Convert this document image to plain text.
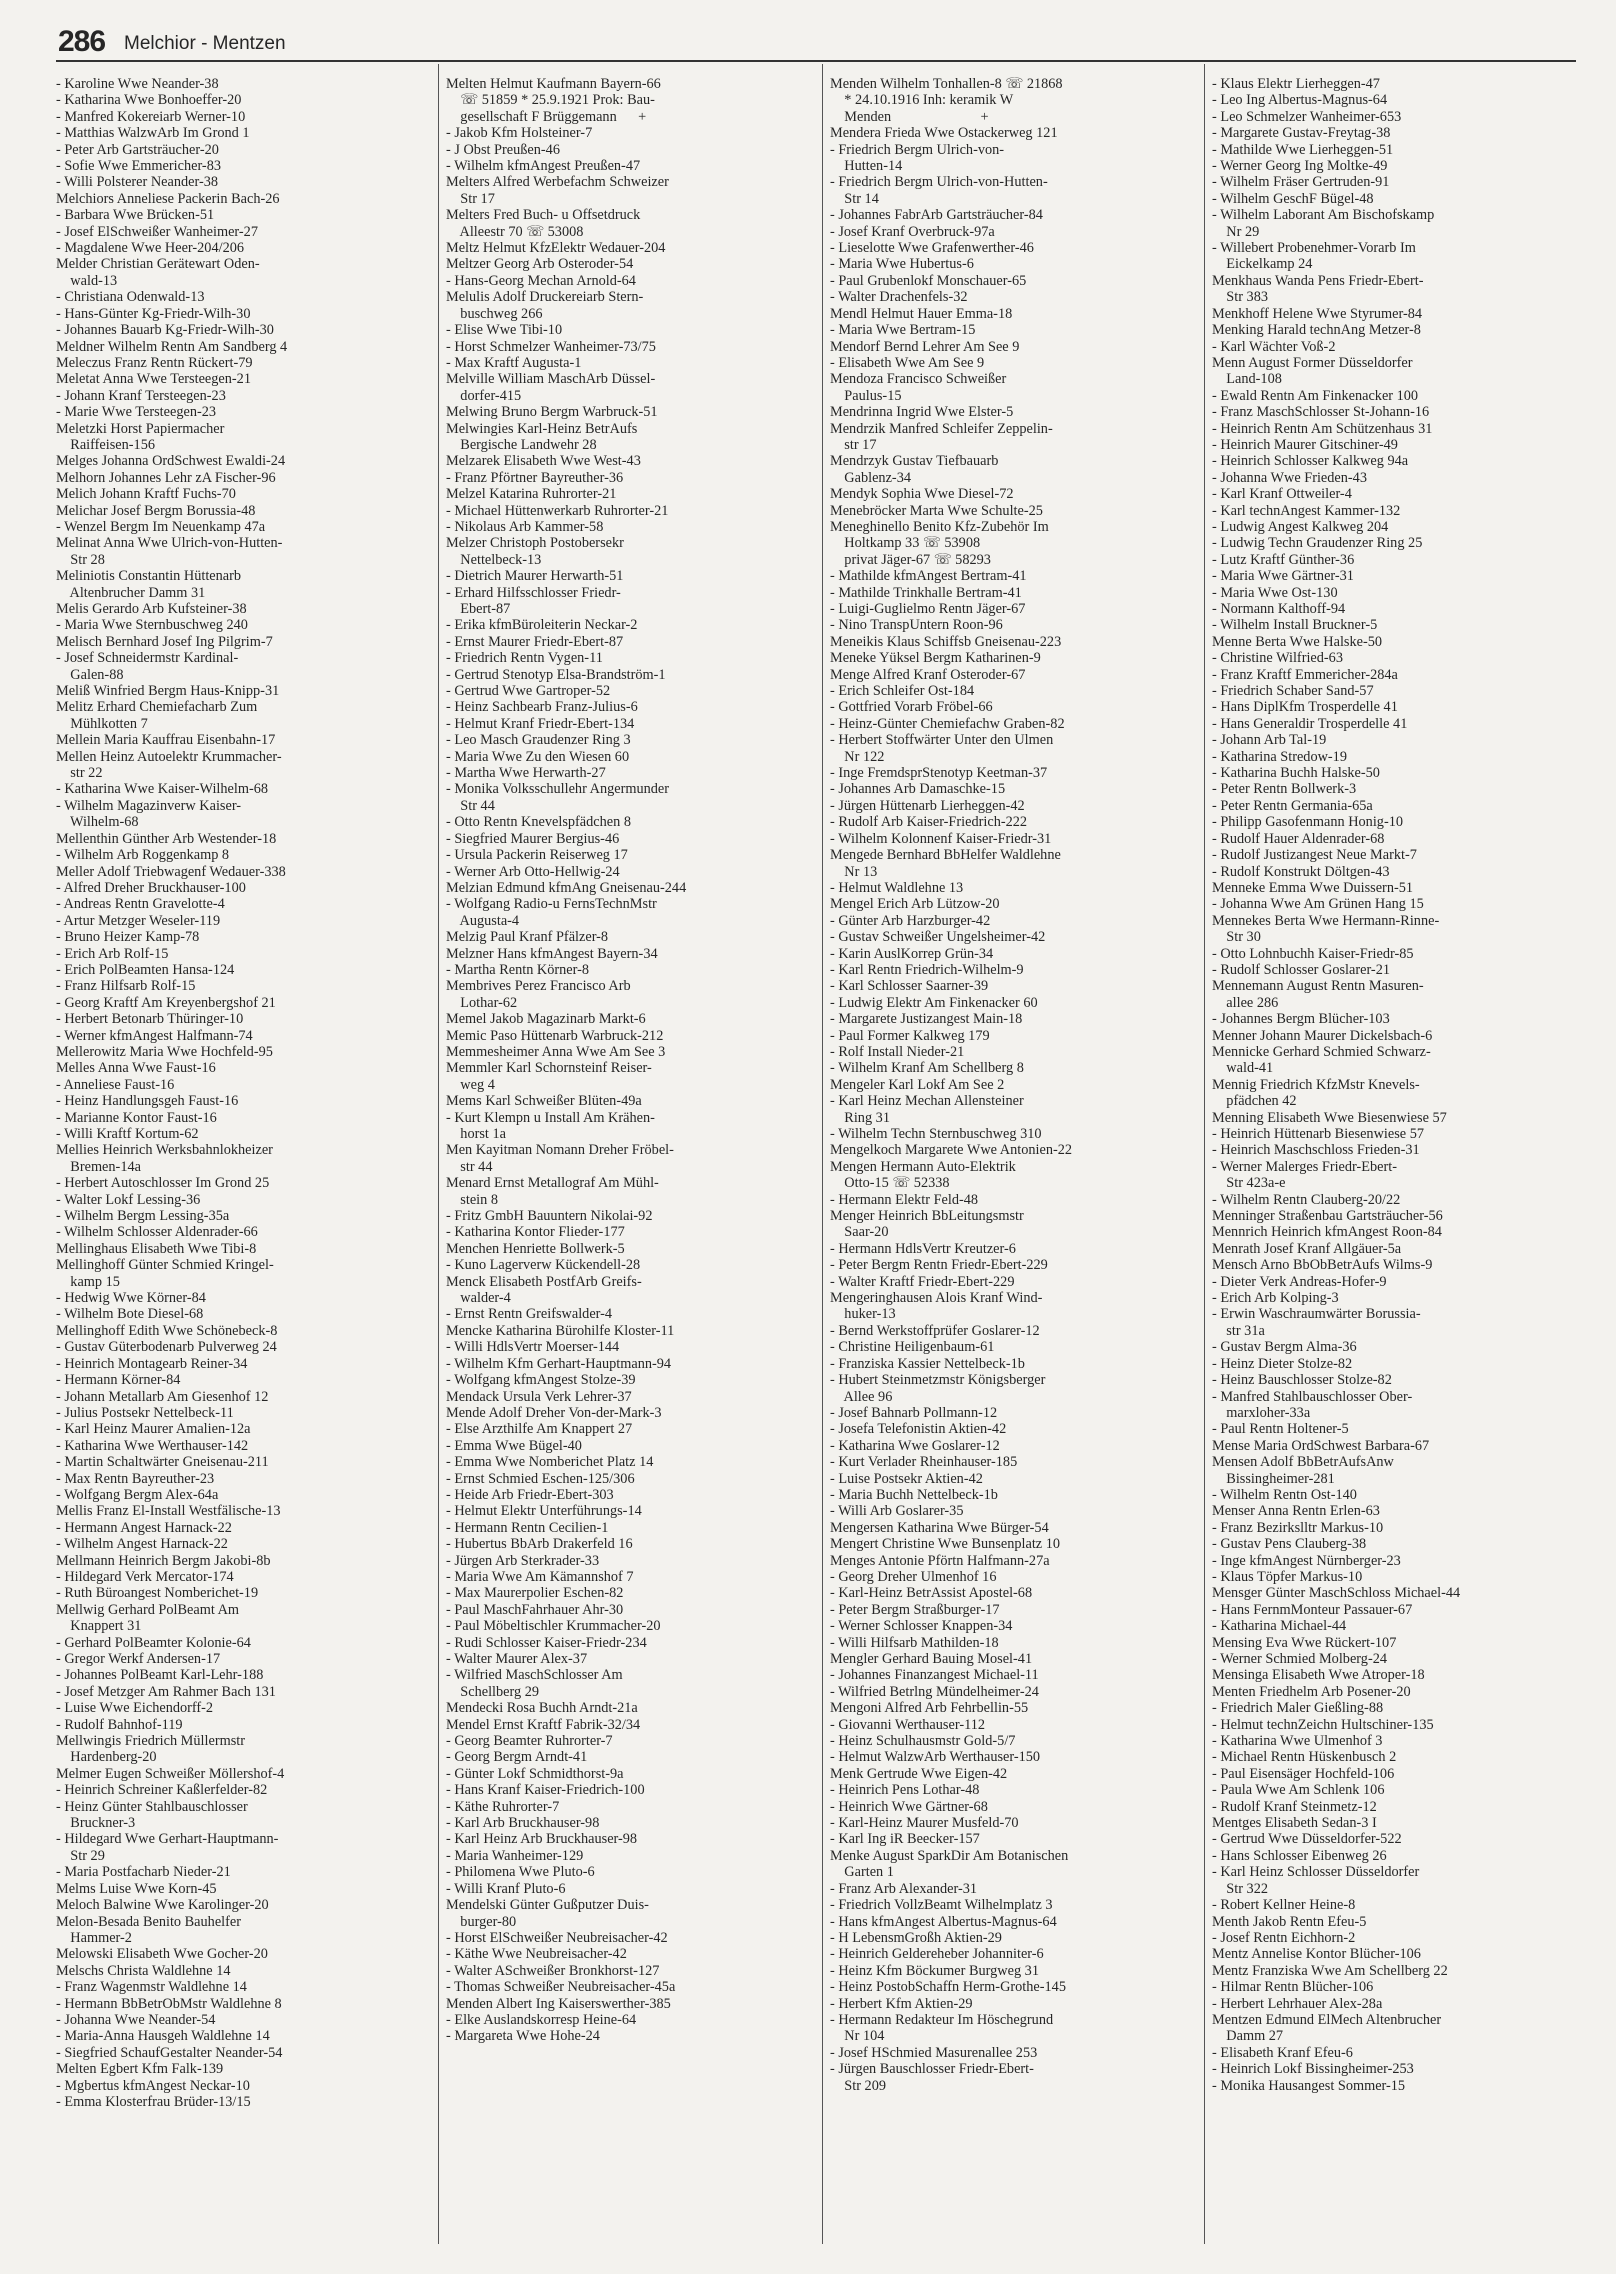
286 Melchior - Mentzen

- Karoline Wwe Neander-38

- Katharina Wwe Bonhoeffer-20

- Manfred Kokereiarb Werner-10

- Matthias WalzwArb Im Grond 1

- Peter Arb Gartsträucher-20

- Sofie Wwe Emmericher-83

- Willi Polsterer Neander-38

Melchiors Anneliese Packerin Bach-26

- Barbara Wwe Brücken-51

- Josef ElSchweißer Wanheimer-27

- Magdalene Wwe Heer-204/206

Melder Christian Gerätewart Oden-

wald-13

- Christiana Odenwald-13

- Hans-Günter Kg-Friedr-Wilh-30

- Johannes Bauarb Kg-Friedr-Wilh-30

Meldner Wilhelm Rentn Am Sandberg 4

Meleczus Franz Rentn Rückert-79

Meletat Anna Wwe Tersteegen-21

- Johann Kranf Tersteegen-23

- Marie Wwe Tersteegen-23

Meletzki Horst Papiermacher

Raiffeisen-156

Melges Johanna OrdSchwest Ewaldi-24

Melhorn Johannes Lehr zA Fischer-96

Melich Johann Kraftf Fuchs-70

Melichar Josef Bergm Borussia-48

- Wenzel Bergm Im Neuenkamp 47a

Melinat Anna Wwe Ulrich-von-Hutten-

Str 28

Meliniotis Constantin Hüttenarb

Altenbrucher Damm 31

Melis Gerardo Arb Kufsteiner-38

- Maria Wwe Sternbuschweg 240

Melisch Bernhard Josef Ing Pilgrim-7

- Josef Schneidermstr Kardinal-

Galen-88

Meliß Winfried Bergm Haus-Knipp-31

Melitz Erhard Chemiefacharb Zum

Mühlkotten 7

Mellein Maria Kauffrau Eisenbahn-17

Mellen Heinz Autoelektr Krummacher-

str 22

- Katharina Wwe Kaiser-Wilhelm-68

- Wilhelm Magazinverw Kaiser-

Wilhelm-68

Mellenthin Günther Arb Westender-18

- Wilhelm Arb Roggenkamp 8

Meller Adolf Triebwagenf Wedauer-338

- Alfred Dreher Bruckhauser-100

- Andreas Rentn Gravelotte-4

- Artur Metzger Weseler-119

- Bruno Heizer Kamp-78

- Erich Arb Rolf-15

- Erich PolBeamten Hansa-124

- Franz Hilfsarb Rolf-15

- Georg Kraftf Am Kreyenbergshof 21

- Herbert Betonarb Thüringer-10

- Werner kfmAngest Halfmann-74

Mellerowitz Maria Wwe Hochfeld-95

Melles Anna Wwe Faust-16

- Anneliese Faust-16

- Heinz Handlungsgeh Faust-16

- Marianne Kontor Faust-16

- Willi Kraftf Kortum-62

Mellies Heinrich Werksbahnlokheizer

Bremen-14a

- Herbert Autoschlosser Im Grond 25

- Walter Lokf Lessing-36

- Wilhelm Bergm Lessing-35a

- Wilhelm Schlosser Aldenrader-66

Mellinghaus Elisabeth Wwe Tibi-8

Mellinghoff Günter Schmied Kringel-

kamp 15

- Hedwig Wwe Körner-84

- Wilhelm Bote Diesel-68

Mellinghoff Edith Wwe Schönebeck-8

- Gustav Güterbodenarb Pulverweg 24

- Heinrich Montagearb Reiner-34

- Hermann Körner-84

- Johann Metallarb Am Giesenhof 12

- Julius Postsekr Nettelbeck-11

- Karl Heinz Maurer Amalien-12a

- Katharina Wwe Werthauser-142

- Martin Schaltwärter Gneisenau-211

- Max Rentn Bayreuther-23

- Wolfgang Bergm Alex-64a

Mellis Franz El-Install Westfälische-13

- Hermann Angest Harnack-22

- Wilhelm Angest Harnack-22

Mellmann Heinrich Bergm Jakobi-8b

- Hildegard Verk Mercator-174

- Ruth Büroangest Nomberichet-19

Mellwig Gerhard PolBeamt Am

Knappert 31

- Gerhard PolBeamter Kolonie-64

- Gregor Werkf Andersen-17

- Johannes PolBeamt Karl-Lehr-188

- Josef Metzger Am Rahmer Bach 131

- Luise Wwe Eichendorff-2

- Rudolf Bahnhof-119

Mellwingis Friedrich Müllermstr

Hardenberg-20

Melmer Eugen Schweißer Möllershof-4

- Heinrich Schreiner Kaßlerfelder-82

- Heinz Günter Stahlbauschlosser

Bruckner-3

- Hildegard Wwe Gerhart-Hauptmann-

Str 29

- Maria Postfacharb Nieder-21

Melms Luise Wwe Korn-45

Meloch Balwine Wwe Karolinger-20

Melon-Besada Benito Bauhelfer

Hammer-2

Melowski Elisabeth Wwe Gocher-20

Melschs Christa Waldlehne 14

- Franz Wagenmstr Waldlehne 14

- Hermann BbBetrObMstr Waldlehne 8

- Johanna Wwe Neander-54

- Maria-Anna Hausgeh Waldlehne 14

- Siegfried SchaufGestalter Neander-54

Melten Egbert Kfm Falk-139

- Mgbertus kfmAngest Neckar-10

- Emma Klosterfrau Brüder-13/15

Melten Helmut Kaufmann Bayern-66

☏ 51859 * 25.9.1921 Prok: Bau-

gesellschaft F Brüggemann      +

- Jakob Kfm Holsteiner-7

- J Obst Preußen-46

- Wilhelm kfmAngest Preußen-47

Melters Alfred Werbefachm Schweizer

Str 17

Melters Fred Buch- u Offsetdruck

Alleestr 70 ☏ 53008

Meltz Helmut KfzElektr Wedauer-204

Meltzer Georg Arb Osteroder-54

- Hans-Georg Mechan Arnold-64

Melulis Adolf Druckereiarb Stern-

buschweg 266

- Elise Wwe Tibi-10

- Horst Schmelzer Wanheimer-73/75

- Max Kraftf Augusta-1

Melville William MaschArb Düssel-

dorfer-415

Melwing Bruno Bergm Warbruck-51

Melwingies Karl-Heinz BetrAufs

Bergische Landwehr 28

Melzarek Elisabeth Wwe West-43

- Franz Pförtner Bayreuther-36

Melzel Katarina Ruhrorter-21

- Michael Hüttenwerkarb Ruhrorter-21

- Nikolaus Arb Kammer-58

Melzer Christoph Postobersekr

Nettelbeck-13

- Dietrich Maurer Herwarth-51

- Erhard Hilfsschlosser Friedr-

Ebert-87

- Erika kfmBüroleiterin Neckar-2

- Ernst Maurer Friedr-Ebert-87

- Friedrich Rentn Vygen-11

- Gertrud Stenotyp Elsa-Brandström-1

- Gertrud Wwe Gartroper-52

- Heinz Sachbearb Franz-Julius-6

- Helmut Kranf Friedr-Ebert-134

- Leo Masch Graudenzer Ring 3

- Maria Wwe Zu den Wiesen 60

- Martha Wwe Herwarth-27

- Monika Volksschullehr Angermunder

Str 44

- Otto Rentn Knevelspfädchen 8

- Siegfried Maurer Bergius-46

- Ursula Packerin Reiserweg 17

- Werner Arb Otto-Hellwig-24

Melzian Edmund kfmAng Gneisenau-244

- Wolfgang Radio-u FernsTechnMstr

Augusta-4

Melzig Paul Kranf Pfälzer-8

Melzner Hans kfmAngest Bayern-34

- Martha Rentn Körner-8

Membrives Perez Francisco Arb

Lothar-62

Memel Jakob Magazinarb Markt-6

Memic Paso Hüttenarb Warbruck-212

Memmesheimer Anna Wwe Am See 3

Memmler Karl Schornsteinf Reiser-

weg 4

Mems Karl Schweißer Blüten-49a

- Kurt Klempn u Install Am Krähen-

horst 1a

Men Kayitman Nomann Dreher Fröbel-

str 44

Menard Ernst Metallograf Am Mühl-

stein 8

- Fritz GmbH Bauuntern Nikolai-92

- Katharina Kontor Flieder-177

Menchen Henriette Bollwerk-5

- Kuno Lagerverw Kückendell-28

Menck Elisabeth PostfArb Greifs-

walder-4

- Ernst Rentn Greifswalder-4

Mencke Katharina Bürohilfe Kloster-11

- Willi HdlsVertr Moerser-144

- Wilhelm Kfm Gerhart-Hauptmann-94

- Wolfgang kfmAngest Stolze-39

Mendack Ursula Verk Lehrer-37

Mende Adolf Dreher Von-der-Mark-3

- Else Arzthilfe Am Knappert 27

- Emma Wwe Bügel-40

- Emma Wwe Nomberichet Platz 14

- Ernst Schmied Eschen-125/306

- Heide Arb Friedr-Ebert-303

- Helmut Elektr Unterführungs-14

- Hermann Rentn Cecilien-1

- Hubertus BbArb Drakerfeld 16

- Jürgen Arb Sterkrader-33

- Maria Wwe Am Kämannshof 7

- Max Maurerpolier Eschen-82

- Paul MaschFahrhauer Ahr-30

- Paul Möbeltischler Krummacher-20

- Rudi Schlosser Kaiser-Friedr-234

- Walter Maurer Alex-37

- Wilfried MaschSchlosser Am

Schellberg 29

Mendecki Rosa Buchh Arndt-21a

Mendel Ernst Kraftf Fabrik-32/34

- Georg Beamter Ruhrorter-7

- Georg Bergm Arndt-41

- Günter Lokf Schmidthorst-9a

- Hans Kranf Kaiser-Friedrich-100

- Käthe Ruhrorter-7

- Karl Arb Bruckhauser-98

- Karl Heinz Arb Bruckhauser-98

- Maria Wanheimer-129

- Philomena Wwe Pluto-6

- Willi Kranf Pluto-6

Mendelski Günter Gußputzer Duis-

burger-80

- Horst ElSchweißer Neubreisacher-42

- Käthe Wwe Neubreisacher-42

- Walter ASchweißer Bronkhorst-127

- Thomas Schweißer Neubreisacher-45a

Menden Albert Ing Kaiserswerther-385

- Elke Auslandskorresp Heine-64

- Margareta Wwe Hohe-24

Menden Wilhelm Tonhallen-8 ☏ 21868

* 24.10.1916 Inh: keramik W

Menden                         +

Mendera Frieda Wwe Ostackerweg 121

- Friedrich Bergm Ulrich-von-

Hutten-14

- Friedrich Bergm Ulrich-von-Hutten-

Str 14

- Johannes FabrArb Gartsträucher-84

- Josef Kranf Overbruck-97a

- Lieselotte Wwe Grafenwerther-46

- Maria Wwe Hubertus-6

- Paul Grubenlokf Monschauer-65

- Walter Drachenfels-32

Mendl Helmut Hauer Emma-18

- Maria Wwe Bertram-15

Mendorf Bernd Lehrer Am See 9

- Elisabeth Wwe Am See 9

Mendoza Francisco Schweißer

Paulus-15

Mendrinna Ingrid Wwe Elster-5

Mendrzik Manfred Schleifer Zeppelin-

str 17

Mendrzyk Gustav Tiefbauarb

Gablenz-34

Mendyk Sophia Wwe Diesel-72

Menebröcker Marta Wwe Schulte-25

Meneghinello Benito Kfz-Zubehör Im

Holtkamp 33 ☏ 53908

privat Jäger-67 ☏ 58293

- Mathilde kfmAngest Bertram-41

- Mathilde Trinkhalle Bertram-41

- Luigi-Guglielmo Rentn Jäger-67

- Nino TranspUntern Roon-96

Meneikis Klaus Schiffsb Gneisenau-223

Meneke Yüksel Bergm Katharinen-9

Menge Alfred Kranf Osteroder-67

- Erich Schleifer Ost-184

- Gottfried Vorarb Fröbel-66

- Heinz-Günter Chemiefachw Graben-82

- Herbert Stoffwärter Unter den Ulmen

Nr 122

- Inge FremdsprStenotyp Keetman-37

- Johannes Arb Damaschke-15

- Jürgen Hüttenarb Lierheggen-42

- Rudolf Arb Kaiser-Friedrich-222

- Wilhelm Kolonnenf Kaiser-Friedr-31

Mengede Bernhard BbHelfer Waldlehne

Nr 13

- Helmut Waldlehne 13

Mengel Erich Arb Lützow-20

- Günter Arb Harzburger-42

- Gustav Schweißer Ungelsheimer-42

- Karin AuslKorrep Grün-34

- Karl Rentn Friedrich-Wilhelm-9

- Karl Schlosser Saarner-39

- Ludwig Elektr Am Finkenacker 60

- Margarete Justizangest Main-18

- Paul Former Kalkweg 179

- Rolf Install Nieder-21

- Wilhelm Kranf Am Schellberg 8

Mengeler Karl Lokf Am See 2

- Karl Heinz Mechan Allensteiner

Ring 31

- Wilhelm Techn Sternbuschweg 310

Mengelkoch Margarete Wwe Antonien-22

Mengen Hermann Auto-Elektrik

Otto-15 ☏ 52338

- Hermann Elektr Feld-48

Menger Heinrich BbLeitungsmstr

Saar-20

- Hermann HdlsVertr Kreutzer-6

- Peter Bergm Rentn Friedr-Ebert-229

- Walter Kraftf Friedr-Ebert-229

Mengeringhausen Alois Kranf Wind-

huker-13

- Bernd Werkstoffprüfer Goslarer-12

- Christine Heiligenbaum-61

- Franziska Kassier Nettelbeck-1b

- Hubert Steinmetzmstr Königsberger

Allee 96

- Josef Bahnarb Pollmann-12

- Josefa Telefonistin Aktien-42

- Katharina Wwe Goslarer-12

- Kurt Verlader Rheinhauser-185

- Luise Postsekr Aktien-42

- Maria Buchh Nettelbeck-1b

- Willi Arb Goslarer-35

Mengersen Katharina Wwe Bürger-54

Mengert Christine Wwe Bunsenplatz 10

Menges Antonie Pförtn Halfmann-27a

- Georg Dreher Ulmenhof 16

- Karl-Heinz BetrAssist Apostel-68

- Peter Bergm Straßburger-17

- Werner Schlosser Knappen-34

- Willi Hilfsarb Mathilden-18

Mengler Gerhard Bauing Mosel-41

- Johannes Finanzangest Michael-11

- Wilfried Betrlng Mündelheimer-24

Mengoni Alfred Arb Fehrbellin-55

- Giovanni Werthauser-112

- Heinz Schulhausmstr Gold-5/7

- Helmut WalzwArb Werthauser-150

Menk Gertrude Wwe Eigen-42

- Heinrich Pens Lothar-48

- Heinrich Wwe Gärtner-68

- Karl-Heinz Maurer Musfeld-70

- Karl Ing iR Beecker-157

Menke August SparkDir Am Botanischen

Garten 1

- Franz Arb Alexander-31

- Friedrich VollzBeamt Wilhelmplatz 3

- Hans kfmAngest Albertus-Magnus-64

- H LebensmGroßh Aktien-29

- Heinrich Geldereheber Johanniter-6

- Heinz Kfm Böckumer Burgweg 31

- Heinz PostobSchaffn Herm-Grothe-145

- Herbert Kfm Aktien-29

- Hermann Redakteur Im Höschegrund

Nr 104

- Josef HSchmied Masurenallee 253

- Jürgen Bauschlosser Friedr-Ebert-

Str 209

- Klaus Elektr Lierheggen-47

- Leo Ing Albertus-Magnus-64

- Leo Schmelzer Wanheimer-653

- Margarete Gustav-Freytag-38

- Mathilde Wwe Lierheggen-51

- Werner Georg Ing Moltke-49

- Wilhelm Fräser Gertruden-91

- Wilhelm GeschF Bügel-48

- Wilhelm Laborant Am Bischofskamp

Nr 29

- Willebert Probenehmer-Vorarb Im

Eickelkamp 24

Menkhaus Wanda Pens Friedr-Ebert-

Str 383

Menkhoff Helene Wwe Styrumer-84

Menking Harald technAng Metzer-8

- Karl Wächter Voß-2

Menn August Former Düsseldorfer

Land-108

- Ewald Rentn Am Finkenacker 100

- Franz MaschSchlosser St-Johann-16

- Heinrich Rentn Am Schützenhaus 31

- Heinrich Maurer Gitschiner-49

- Heinrich Schlosser Kalkweg 94a

- Johanna Wwe Frieden-43

- Karl Kranf Ottweiler-4

- Karl technAngest Kammer-132

- Ludwig Angest Kalkweg 204

- Ludwig Techn Graudenzer Ring 25

- Lutz Kraftf Günther-36

- Maria Wwe Gärtner-31

- Maria Wwe Ost-130

- Normann Kalthoff-94

- Wilhelm Install Bruckner-5

Menne Berta Wwe Halske-50

- Christine Wilfried-63

- Franz Kraftf Emmericher-284a

- Friedrich Schaber Sand-57

- Hans DiplKfm Trosperdelle 41

- Hans Generaldir Trosperdelle 41

- Johann Arb Tal-19

- Katharina Stredow-19

- Katharina Buchh Halske-50

- Peter Rentn Bollwerk-3

- Peter Rentn Germania-65a

- Philipp Gasofenmann Honig-10

- Rudolf Hauer Aldenrader-68

- Rudolf Justizangest Neue Markt-7

- Rudolf Konstrukt Döltgen-43

Menneke Emma Wwe Duissern-51

- Johanna Wwe Am Grünen Hang 15

Mennekes Berta Wwe Hermann-Rinne-

Str 30

- Otto Lohnbuchh Kaiser-Friedr-85

- Rudolf Schlosser Goslarer-21

Mennemann August Rentn Masuren-

allee 286

- Johannes Bergm Blücher-103

Menner Johann Maurer Dickelsbach-6

Mennicke Gerhard Schmied Schwarz-

wald-41

Mennig Friedrich KfzMstr Knevels-

pfädchen 42

Menning Elisabeth Wwe Biesenwiese 57

- Heinrich Hüttenarb Biesenwiese 57

- Heinrich Maschschloss Frieden-31

- Werner Malerges Friedr-Ebert-

Str 423a-e

- Wilhelm Rentn Clauberg-20/22

Menninger Straßenbau Gartsträucher-56

Mennrich Heinrich kfmAngest Roon-84

Menrath Josef Kranf Allgäuer-5a

Mensch Arno BbObBetrAufs Wilms-9

- Dieter Verk Andreas-Hofer-9

- Erich Arb Kolping-3

- Erwin Waschraumwärter Borussia-

str 31a

- Gustav Bergm Alma-36

- Heinz Dieter Stolze-82

- Heinz Bauschlosser Stolze-82

- Manfred Stahlbauschlosser Ober-

marxloher-33a

- Paul Rentn Holtener-5

Mense Maria OrdSchwest Barbara-67

Mensen Adolf BbBetrAufsAnw

Bissingheimer-281

- Wilhelm Rentn Ost-140

Menser Anna Rentn Erlen-63

- Franz Bezirkslltr Markus-10

- Gustav Pens Clauberg-38

- Inge kfmAngest Nürnberger-23

- Klaus Töpfer Markus-10

Mensger Günter MaschSchloss Michael-44

- Hans FernmMonteur Passauer-67

- Katharina Michael-44

Mensing Eva Wwe Rückert-107

- Werner Schmied Molberg-24

Mensinga Elisabeth Wwe Atroper-18

Menten Friedhelm Arb Posener-20

- Friedrich Maler Gießling-88

- Helmut technZeichn Hultschiner-135

- Katharina Wwe Ulmenhof 3

- Michael Rentn Hüskenbusch 2

- Paul Eisensäger Hochfeld-106

- Paula Wwe Am Schlenk 106

- Rudolf Kranf Steinmetz-12

Mentges Elisabeth Sedan-3 I

- Gertrud Wwe Düsseldorfer-522

- Hans Schlosser Eibenweg 26

- Karl Heinz Schlosser Düsseldorfer

Str 322

- Robert Kellner Heine-8

Menth Jakob Rentn Efeu-5

- Josef Rentn Eichhorn-2

Mentz Annelise Kontor Blücher-106

Mentz Franziska Wwe Am Schellberg 22

- Hilmar Rentn Blücher-106

- Herbert Lehrhauer Alex-28a

Mentzen Edmund ElMech Altenbrucher

Damm 27

- Elisabeth Kranf Efeu-6

- Heinrich Lokf Bissingheimer-253

- Monika Hausangest Sommer-15
